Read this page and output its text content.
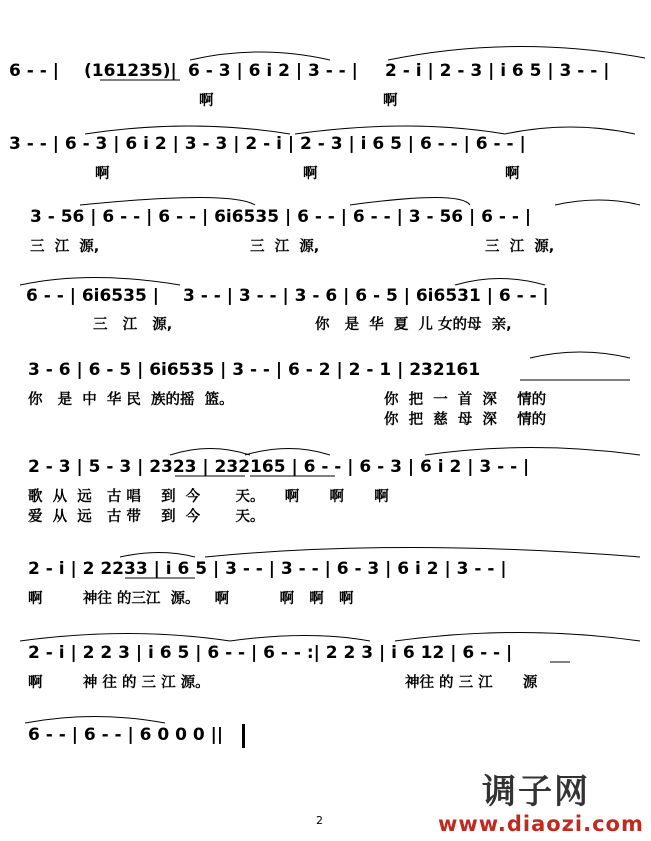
6 - - | (161235)| 6 - 3 | 6 i 2 | 3 - - | 2 - i | 2 - 3 | i 6 5 | 3 - - |
啊	啊
3 - - | 6 - 3 | 6 i 2 | 3 - 3 | 2 - i | 2 - 3 | i 6 5 | 6 - - | 6 - - |
啊	啊	啊
3 - 56 | 6 - - | 6 - - | 6i6535 | 6 - - | 6 - - | 3 - 56 | 6 - - |
三  江  源,	三  江  源,	三  江  源,
6 - - | 6i6535 | 3 - - | 3 - - | 3 - 6 | 6 - 5 | 6i6531 | 6 - - |
三   江   源,	你   是  华  夏  儿 女的母  亲,
3 - 6 | 6 - 5 | 6i6535 | 3 - - | 6 - 2 | 2 - 1 | 232161
你   是  中  华 民  族的摇  篮。	你  把  一  首  深    情的
你  把  慈  母  深    情的
2 - 3 | 5 - 3 | 2323 | 232165 | 6 - - | 6 - 3 | 6 i 2 | 3 - - |
歌  从  远   古 唱    到  今       天。    啊      啊      啊
爱  从  远   古 带    到  今       天。
2 - i | 2 2233 | i 6 5 | 3 - - | 3 - - | 6 - 3 | 6 i 2 | 3 - - |
啊        神往 的三江  源。   啊          啊   啊   啊
2 - i | 2 2 3 | i 6 5 | 6 - - | 6 - - :| 2 2 3 | i 6 12 | 6 - - |
啊        神 往 的 三 江 源。	神往 的 三 江      源
6 - - | 6 - - | 6 0 0 0 ||
2
调子网
www.diaozi.com
